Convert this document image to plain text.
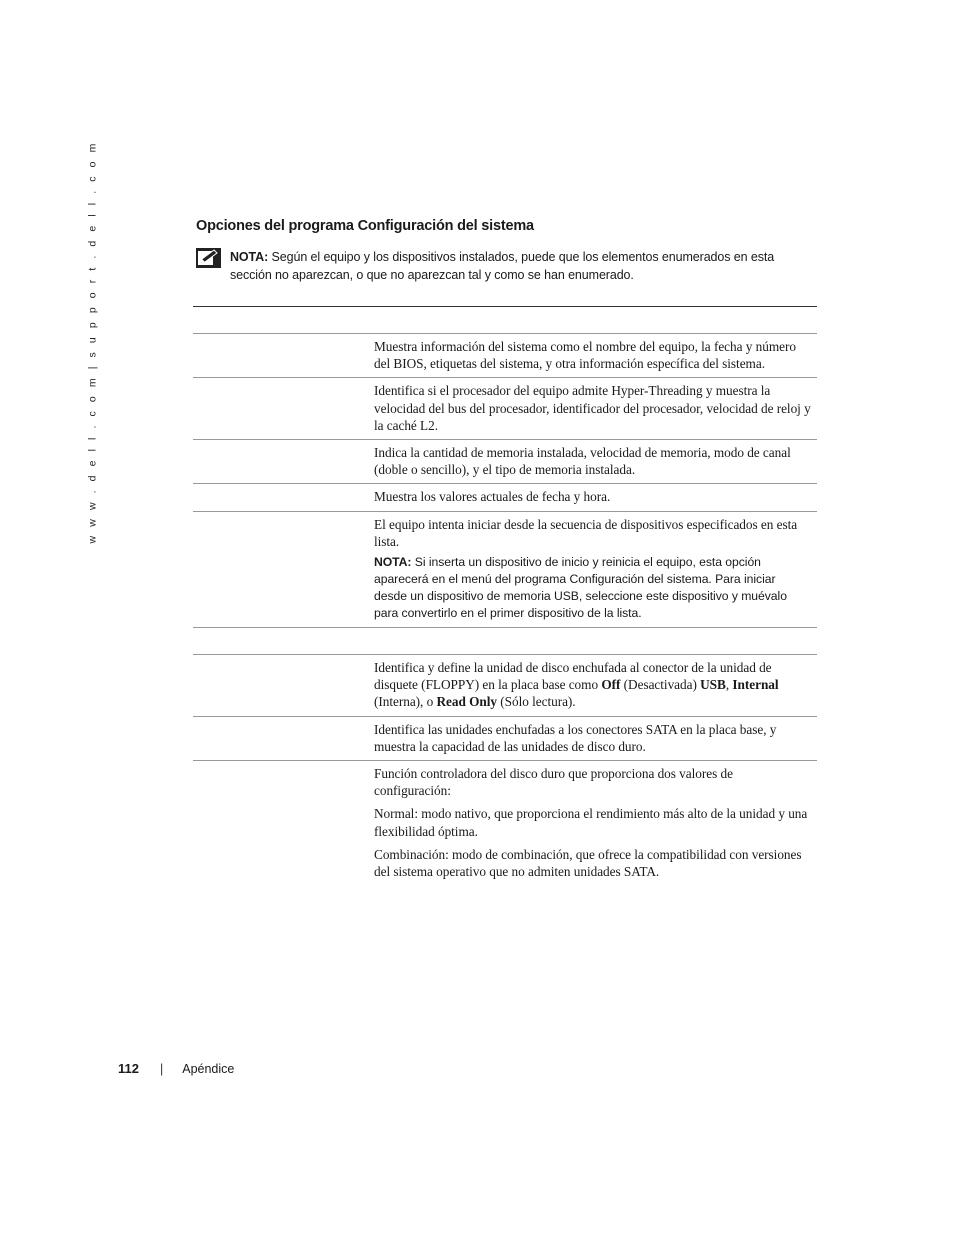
w w w . d e l l . c o m | s u p p o r t . d e l l . c o m	Opciones del programa Configuración del sistema

NOTA: Según el equipo y los dispositivos instalados, puede que los elementos enumerados en esta sección no aparezcan, o que no aparezcan tal y como se han enumerado.

Muestra información del sistema como el nombre del equipo, la fecha y número del BIOS, etiquetas del sistema, y otra información específica del sistema.

Identifica si el procesador del equipo admite Hyper-Threading y muestra la velocidad del bus del procesador, identificador del procesador, velocidad de reloj y la caché L2.

Indica la cantidad de memoria instalada, velocidad de memoria, modo de canal (doble o sencillo), y el tipo de memoria instalada.

Muestra los valores actuales de fecha y hora.

El equipo intenta iniciar desde la secuencia de dispositivos especificados en esta lista.

NOTA: Si inserta un dispositivo de inicio y reinicia el equipo, esta opción aparecerá en el menú del programa Configuración del sistema. Para iniciar desde un dispositivo de memoria USB, seleccione este dispositivo y muévalo para convertirlo en el primer dispositivo de la lista.

Identifica y define la unidad de disco enchufada al conector de la unidad de disquete (FLOPPY) en la placa base como Off (Desactivada) USB, Internal (Interna), o Read Only (Sólo lectura).

Identifica las unidades enchufadas a los conectores SATA en la placa base, y muestra la capacidad de las unidades de disco duro.

Función controladora del disco duro que proporciona dos valores de configuración:

Normal: modo nativo, que proporciona el rendimiento más alto de la unidad y una flexibilidad óptima.

Combinación: modo de combinación, que ofrece la compatibilidad con versiones del sistema operativo que no admiten unidades SATA.

112 | Apéndice
